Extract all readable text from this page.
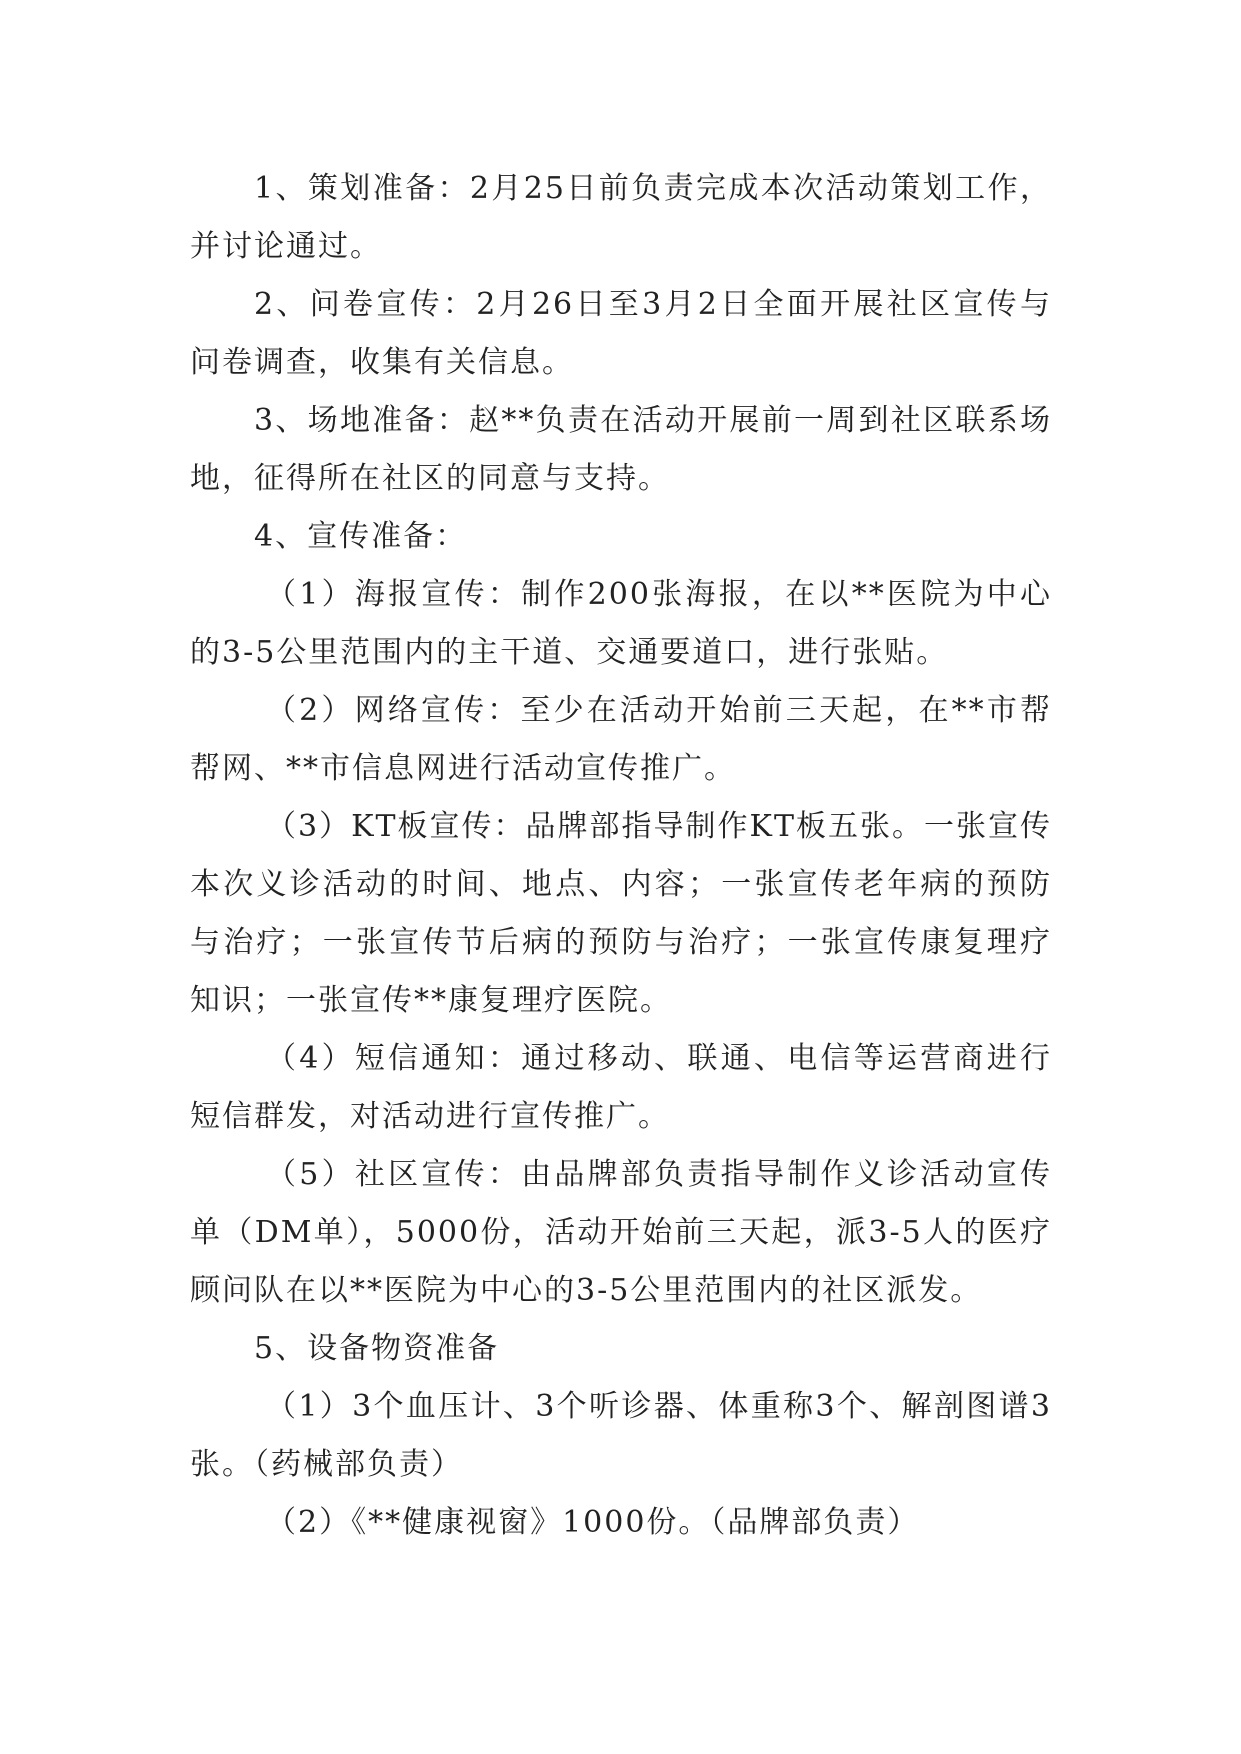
1、策划准备：2月25日前负责完成本次活动策划工作，并讨论通过。

2、问卷宣传：2月26日至3月2日全面开展社区宣传与问卷调查，收集有关信息。

3、场地准备：赵**负责在活动开展前一周到社区联系场地，征得所在社区的同意与支持。

4、宣传准备：

（1）海报宣传：制作200张海报，在以**医院为中心的3-5公里范围内的主干道、交通要道口，进行张贴。

（2）网络宣传：至少在活动开始前三天起，在**市帮帮网、**市信息网进行活动宣传推广。

（3）KT板宣传：品牌部指导制作KT板五张。一张宣传本次义诊活动的时间、地点、内容；一张宣传老年病的预防与治疗；一张宣传节后病的预防与治疗；一张宣传康复理疗知识；一张宣传**康复理疗医院。

（4）短信通知：通过移动、联通、电信等运营商进行短信群发，对活动进行宣传推广。

（5）社区宣传：由品牌部负责指导制作义诊活动宣传单（DM单），5000份，活动开始前三天起，派3-5人的医疗顾问队在以**医院为中心的3-5公里范围内的社区派发。

5、设备物资准备

（1）3个血压计、3个听诊器、体重称3个、解剖图谱3张。（药械部负责）

（2）《**健康视窗》1000份。（品牌部负责）
